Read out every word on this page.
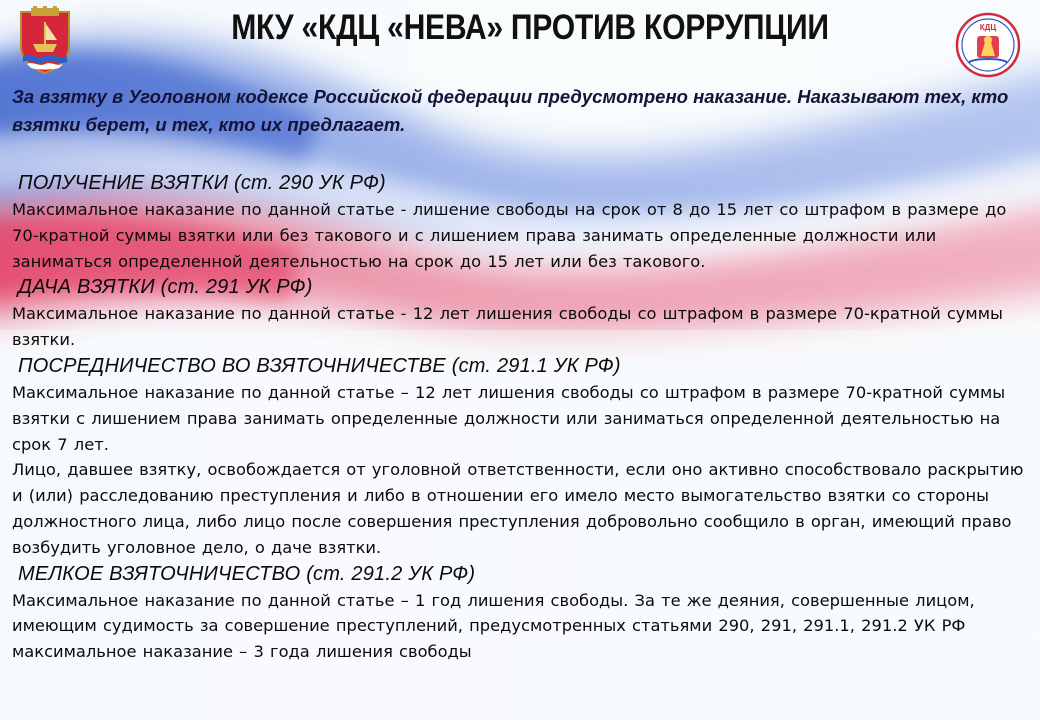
МКУ «КДЦ «НЕВА» ПРОТИВ КОРРУПЦИИ	КДЦ
За взятку в Уголовном кодексе Российской федерации предусмотрено наказание. Наказывают тех, кто взятки берет, и тех, кто их предлагает.
ПОЛУЧЕНИЕ ВЗЯТКИ (ст. 290 УК РФ)

Максимальное наказание по данной статье - лишение свободы на срок от 8 до 15 лет со штрафом в размере до 70-кратной суммы взятки или без такового и с лишением права занимать определенные должности или заниматься определенной деятельностью на срок до 15 лет или без такового.

ДАЧА ВЗЯТКИ (ст. 291 УК РФ)

Максимальное наказание по данной статье - 12 лет лишения свободы со штрафом в размере 70-кратной суммы взятки.

ПОСРЕДНИЧЕСТВО ВО ВЗЯТОЧНИЧЕСТВЕ (ст. 291.1 УК РФ)

Максимальное наказание по данной статье – 12 лет лишения свободы со штрафом в размере 70-кратной суммы взятки с лишением права занимать определенные должности или заниматься определенной деятельностью на срок 7 лет.

Лицо, давшее взятку, освобождается от уголовной ответственности, если оно активно способствовало раскрытию и (или) расследованию преступления и либо в отношении его имело место вымогательство взятки со стороны должностного лица, либо лицо после совершения преступления добровольно сообщило в орган, имеющий право возбудить уголовное дело, о даче взятки.

МЕЛКОЕ ВЗЯТОЧНИЧЕСТВО (ст. 291.2 УК РФ)

Максимальное наказание по данной статье – 1 год лишения свободы. За те же деяния, совершенные лицом, имеющим судимость за совершение преступлений, предусмотренных статьями 290, 291, 291.1, 291.2 УК РФ максимальное наказание – 3 года лишения свободы
